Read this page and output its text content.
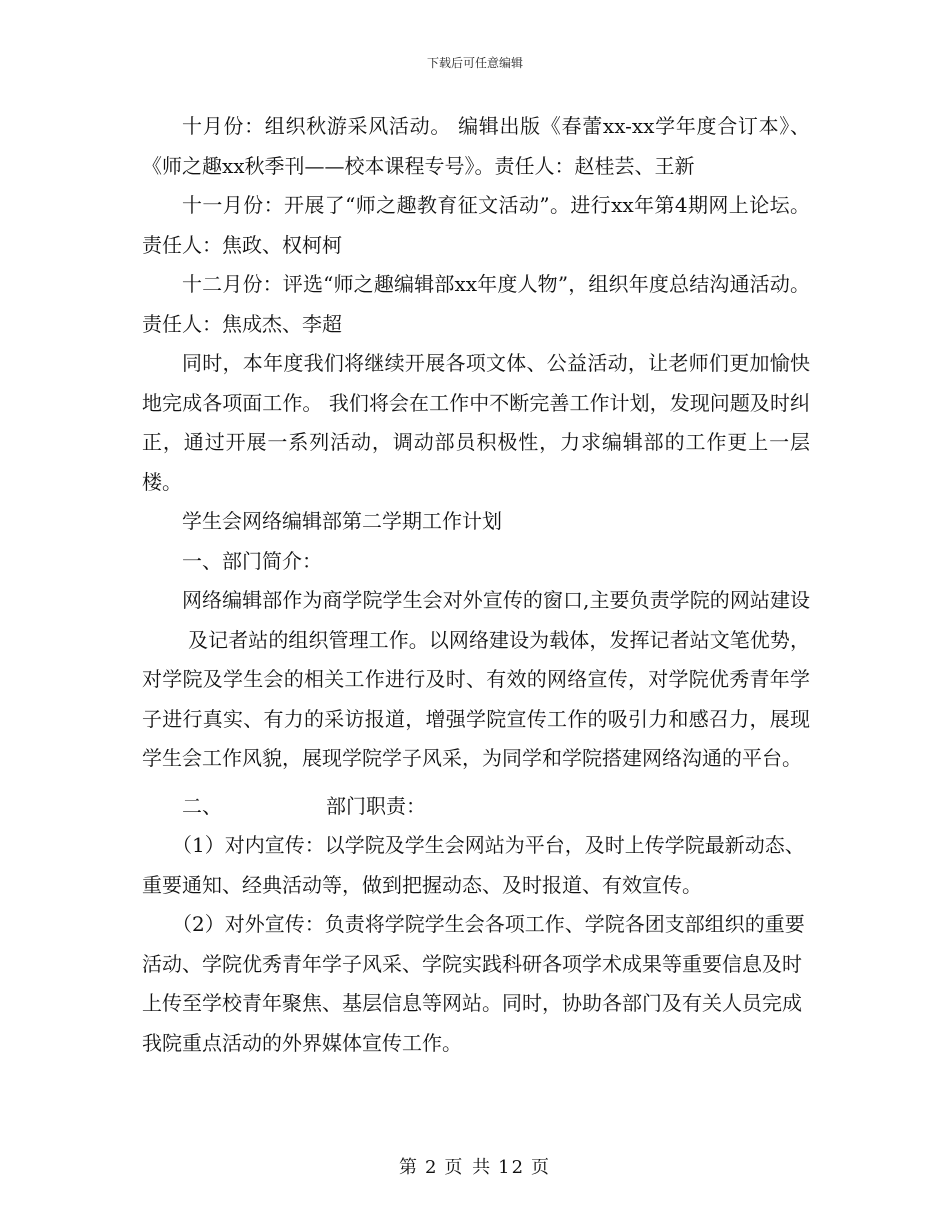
下载后可任意编辑

十月份：组织秋游采风活动。 编辑出版《春蕾xx-xx学年度合订本》、《师之趣xx秋季刊——校本课程专号》。责任人：赵桂芸、王新

十一月份：开展了“师之趣教育征文活动”。进行xx年第4期网上论坛。责任人：焦政、权柯柯

十二月份：评选“师之趣编辑部xx年度人物”，组织年度总结沟通活动。责任人：焦成杰、李超

同时，本年度我们将继续开展各项文体、公益活动，让老师们更加愉快地完成各项面工作。 我们将会在工作中不断完善工作计划，发现问题及时纠正，通过开展一系列活动，调动部员积极性，力求编辑部的工作更上一层楼。

学生会网络编辑部第二学期工作计划

一、部门简介：

网络编辑部作为商学院学生会对外宣传的窗口,主要负责学院的网站建设及记者站的组织管理工作。以网络建设为载体，发挥记者站文笔优势，对学院及学生会的相关工作进行及时、有效的网络宣传，对学院优秀青年学子进行真实、有力的采访报道，增强学院宣传工作的吸引力和感召力，展现学生会工作风貌，展现学院学子风采，为同学和学院搭建网络沟通的平台。

二、	部门职责：

（1）对内宣传：以学院及学生会网站为平台，及时上传学院最新动态、重要通知、经典活动等，做到把握动态、及时报道、有效宣传。

（2）对外宣传：负责将学院学生会各项工作、学院各团支部组织的重要活动、学院优秀青年学子风采、学院实践科研各项学术成果等重要信息及时上传至学校青年聚焦、基层信息等网站。同时，协助各部门及有关人员完成我院重点活动的外界媒体宣传工作。

第 2 页 共 12 页
